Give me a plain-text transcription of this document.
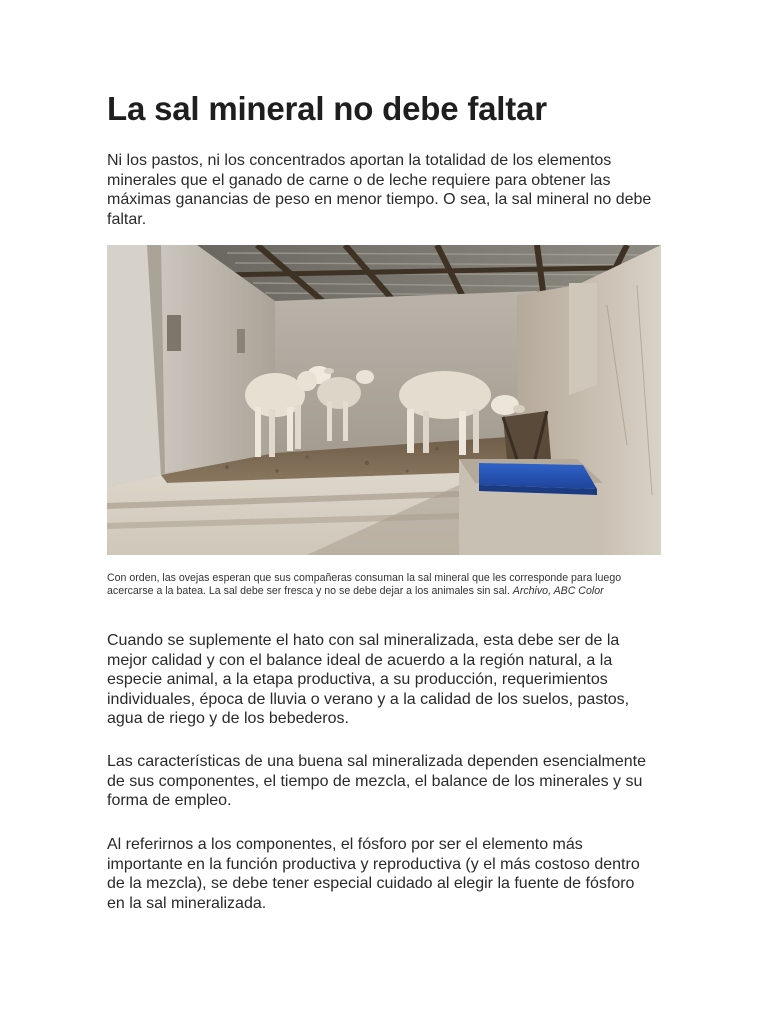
La sal mineral no debe faltar

Ni los pastos, ni los concentrados aportan la totalidad de los elementos minerales que el ganado de carne o de leche requiere para obtener las máximas ganancias de peso en menor tiempo. O sea, la sal mineral no debe faltar.

Con orden, las ovejas esperan que sus compañeras consuman la sal mineral que les corresponde para luego acercarse a la batea. La sal debe ser fresca y no se debe dejar a los animales sin sal. Archivo, ABC Color

Cuando se suplemente el hato con sal mineralizada, esta debe ser de la mejor calidad y con el balance ideal de acuerdo a la región natural, a la especie animal, a la etapa productiva, a su producción, requerimientos individuales, época de lluvia o verano y a la calidad de los suelos, pastos, agua de riego y de los bebederos.

Las características de una buena sal mineralizada dependen esencialmente de sus componentes, el tiempo de mezcla, el balance de los minerales y su forma de empleo.

Al referirnos a los componentes, el fósforo por ser el elemento más importante en la función productiva y reproductiva (y el más costoso dentro de la mezcla), se debe tener especial cuidado al elegir la fuente de fósforo en la sal mineralizada.
